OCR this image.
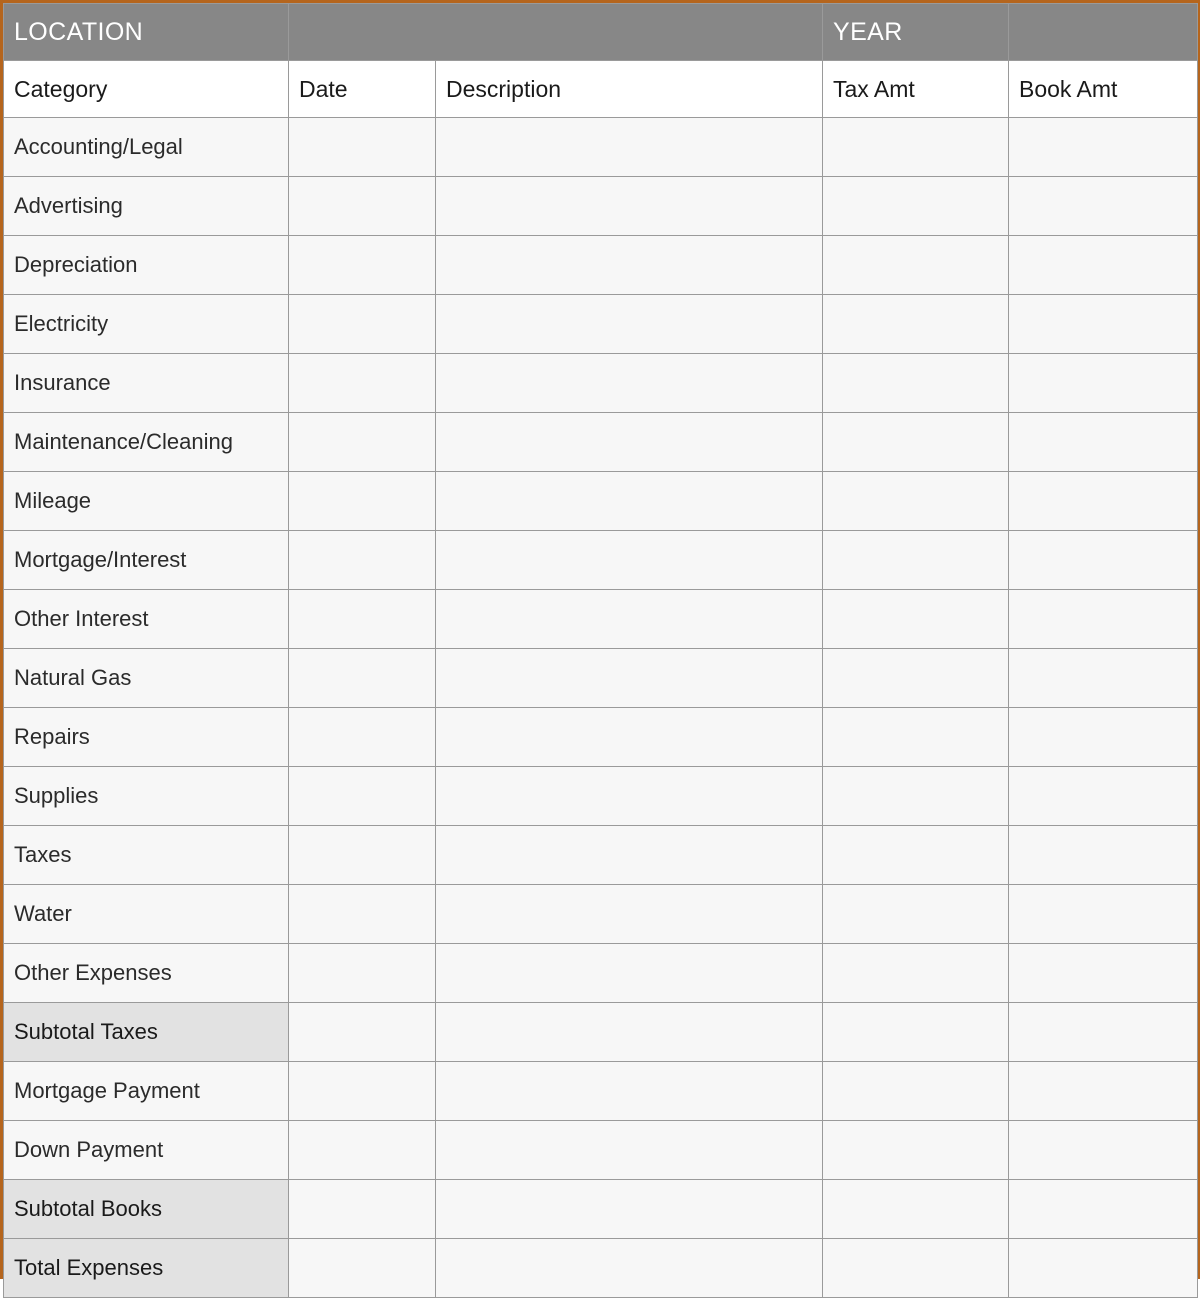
LOCATION			YEAR	
Category	Date	Description	Tax Amt	Book Amt
Accounting/Legal				
Advertising				
Depreciation				
Electricity				
Insurance				
Maintenance/Cleaning				
Mileage				
Mortgage/Interest				
Other Interest				
Natural Gas				
Repairs				
Supplies				
Taxes				
Water				
Other Expenses				
Subtotal Taxes				
Mortgage Payment				
Down Payment				
Subtotal Books				
Total Expenses				
